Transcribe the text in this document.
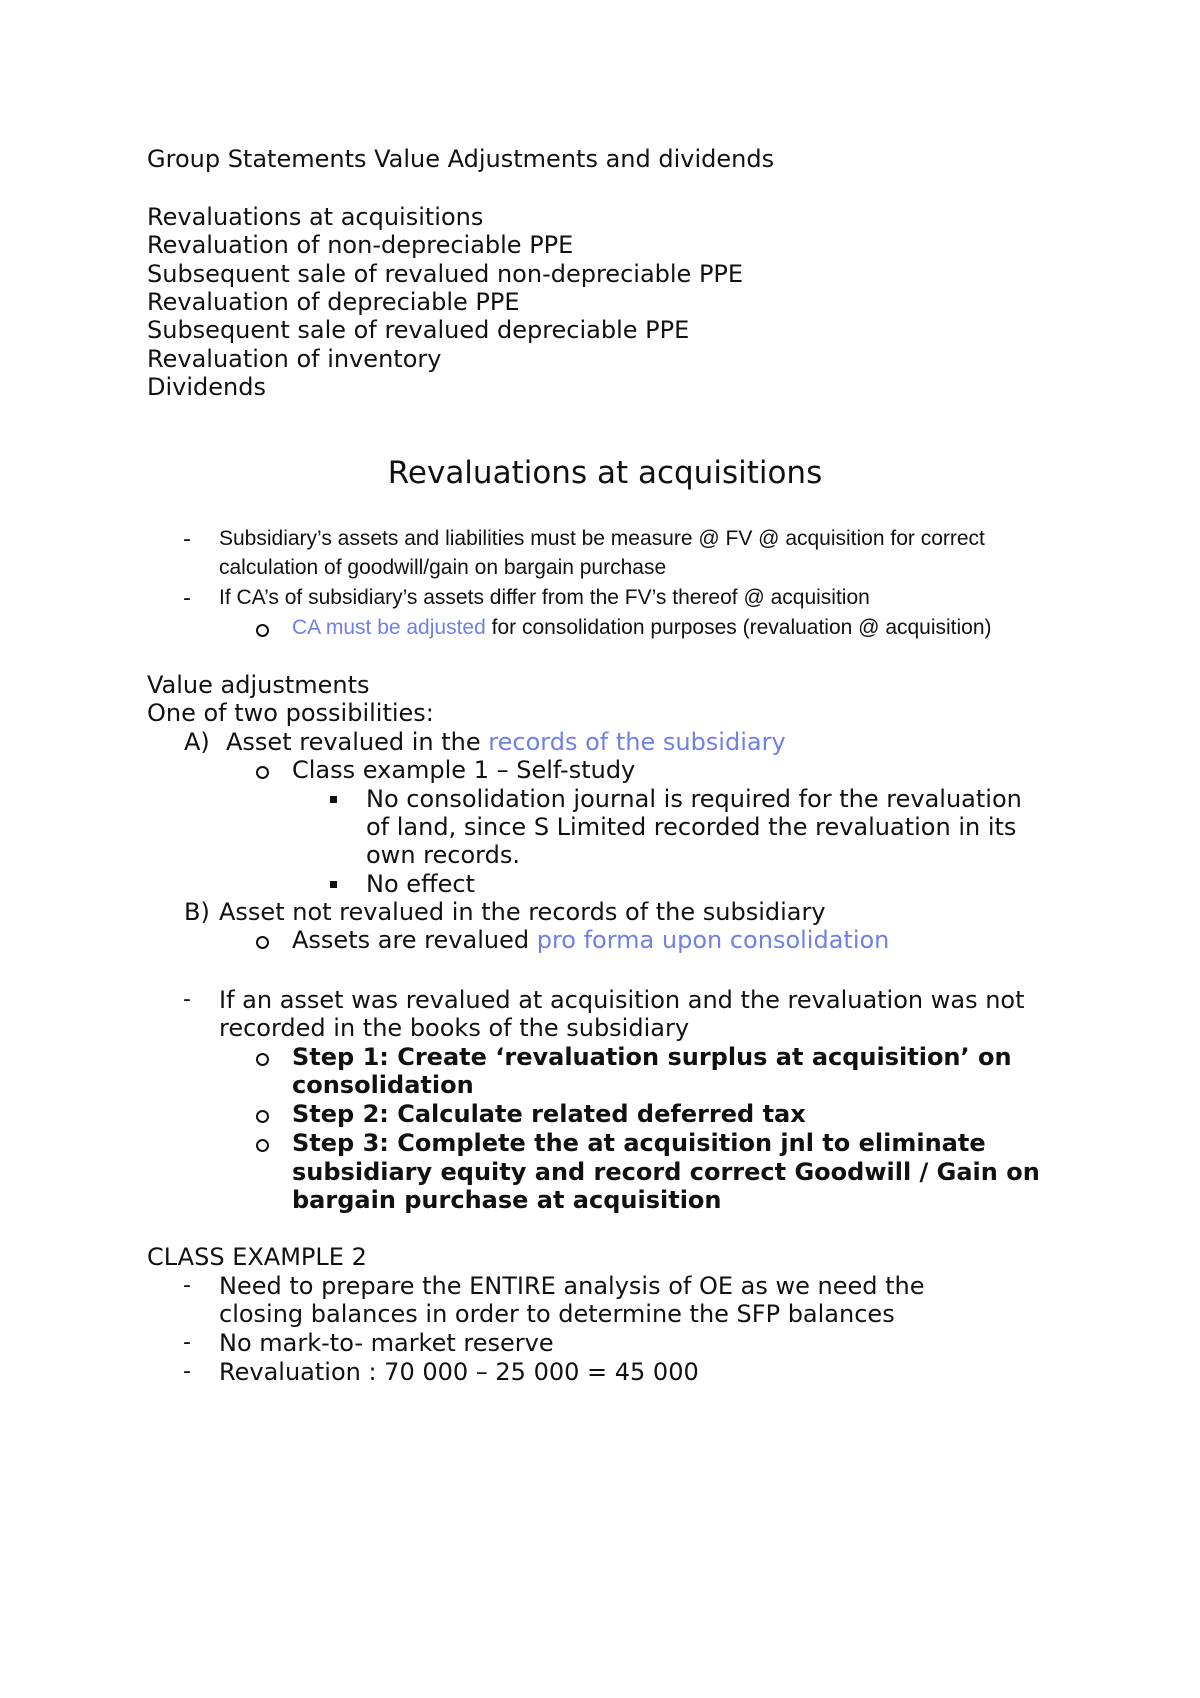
Group Statements Value Adjustments and dividends
Revaluations at acquisitions
Revaluation of non-depreciable PPE
Subsequent sale of revalued non-depreciable PPE
Revaluation of depreciable PPE
Subsequent sale of revalued depreciable PPE
Revaluation of inventory
Dividends
Revaluations at acquisitions
- Subsidiary’s assets and liabilities must be measure @ FV @ acquisition for correct
calculation of goodwill/gain on bargain purchase
- If CA’s of subsidiary’s assets differ from the FV’s thereof @ acquisition
CA must be adjusted for consolidation purposes (revaluation @ acquisition)
Value adjustments
One of two possibilities:
A) Asset revalued in the records of the subsidiary
Class example 1 – Self-study
No consolidation journal is required for the revaluation
of land, since S Limited recorded the revaluation in its
own records.
No effect
B) Asset not revalued in the records of the subsidiary
Assets are revalued pro forma upon consolidation
- If an asset was revalued at acquisition and the revaluation was not
recorded in the books of the subsidiary
Step 1: Create ‘revaluation surplus at acquisition’ on
consolidation
Step 2: Calculate related deferred tax
Step 3: Complete the at acquisition jnl to eliminate
subsidiary equity and record correct Goodwill / Gain on
bargain purchase at acquisition
CLASS EXAMPLE 2
- Need to prepare the ENTIRE analysis of OE as we need the
closing balances in order to determine the SFP balances
- No mark-to- market reserve
- Revaluation : 70 000 – 25 000 = 45 000
